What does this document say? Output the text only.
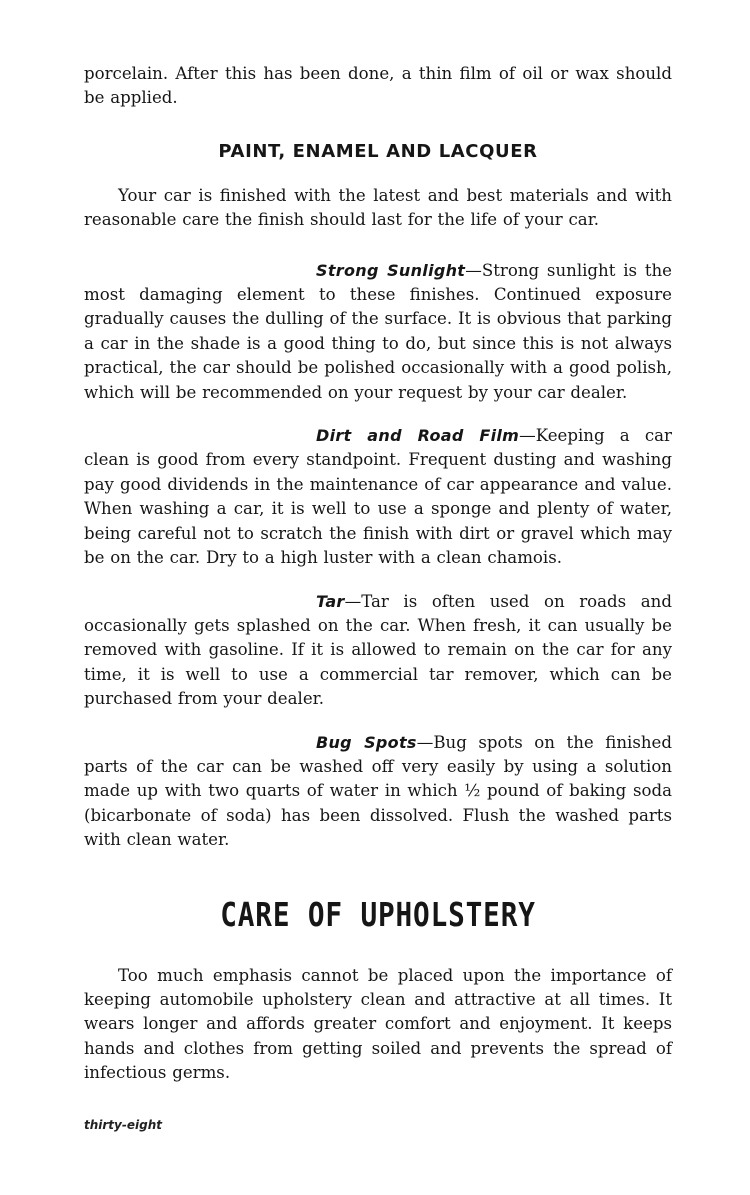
porcelain. After this has been done, a thin film of oil or wax should be applied.

PAINT, ENAMEL AND LACQUER

Your car is finished with the latest and best materials and with reasonable care the finish should last for the life of your car.

Strong Sunlight—Strong sunlight is the most damaging element to these finishes. Continued exposure gradually causes the dulling of the surface. It is obvious that parking a car in the shade is a good thing to do, but since this is not always practical, the car should be polished occasionally with a good polish, which will be recommended on your request by your car dealer.

Dirt and Road Film—Keeping a car clean is good from every standpoint. Frequent dusting and washing pay good dividends in the maintenance of car appearance and value. When washing a car, it is well to use a sponge and plenty of water, being careful not to scratch the finish with dirt or gravel which may be on the car. Dry to a high luster with a clean chamois.

Tar—Tar is often used on roads and occasionally gets splashed on the car. When fresh, it can usually be removed with gasoline. If it is allowed to remain on the car for any time, it is well to use a commercial tar remover, which can be purchased from your dealer.

Bug Spots—Bug spots on the finished parts of the car can be washed off very easily by using a solution made up with two quarts of water in which ½ pound of baking soda (bicarbonate of soda) has been dissolved. Flush the washed parts with clean water.

CARE OF UPHOLSTERY

Too much emphasis cannot be placed upon the importance of keeping automobile upholstery clean and attractive at all times. It wears longer and affords greater comfort and enjoyment. It keeps hands and clothes from getting soiled and prevents the spread of infectious germs.

thirty-eight
